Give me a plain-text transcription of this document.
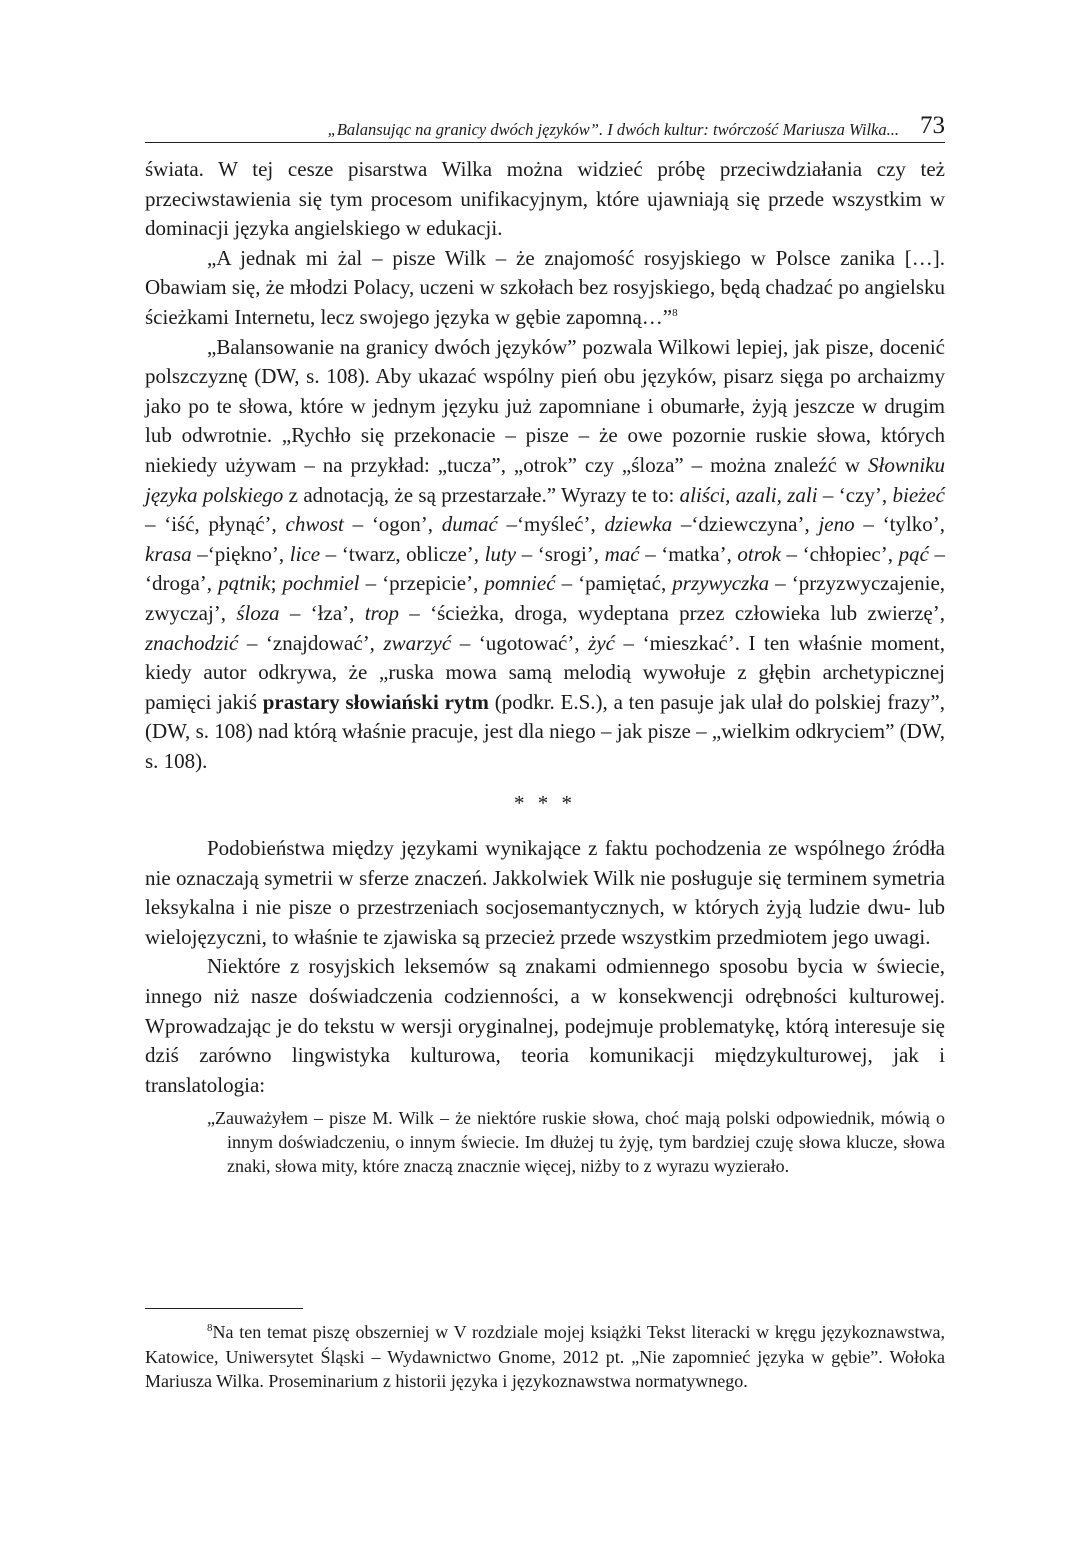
„Balansując na granicy dwóch języków”. I dwóch kultur: twórczość Mariusza Wilka... 73

świata. W tej cesze pisarstwa Wilka można widzieć próbę przeciwdziałania czy też przeciwstawienia się tym procesom unifikacyjnym, które ujawniają się przede wszystkim w dominacji języka angielskiego w edukacji.

„A jednak mi żal – pisze Wilk – że znajomość rosyjskiego w Polsce zanika […]. Obawiam się, że młodzi Polacy, uczeni w szkołach bez rosyjskiego, będą chadzać po angielsku ścieżkami Internetu, lecz swojego języka w gębie zapomną…”$^8$

„Balansowanie na granicy dwóch języków” pozwala Wilkowi lepiej, jak pisze, docenić polszczyznę (DW, s. 108). Aby ukazać wspólny pień obu języków, pisarz sięga po archaizmy jako po te słowa, które w jednym języku już zapomniane i obumarłe, żyją jeszcze w drugim lub odwrotnie. „Rychło się przekonacie – pisze – że owe pozornie ruskie słowa, których niekiedy używam – na przykład: „tucza”, „otrok” czy „śloza” – można znaleźć w Słowniku języka polskiego z adnotacją, że są przestarzałe.” Wyrazy te to: aliści, azali, zali – ‘czy’, bieżeć – ‘iść, płynąć’, chwost – ‘ogon’, dumać –‘myśleć’, dziewka –‘dziewczyna’, jeno – ‘tylko’, krasa –‘piękno’, lice – ‘twarz, oblicze’, luty – ‘srogi’, mać – ‘matka’, otrok – ‘chłopiec’, pąć – ‘droga’, pątnik; pochmiel – ‘przepicie’, pomnieć – ‘pamiętać, przywyczka – ‘przyzwyczajenie, zwyczaj’, śloza – ‘łza’, trop – ‘ścieżka, droga, wydeptana przez człowieka lub zwierzę’, znachodzić – ‘znajdować’, zwarzyć – ‘ugotować’, żyć – ‘mieszkać’. I ten właśnie moment, kiedy autor odkrywa, że „ruska mowa samą melodią wywołuje z głębin archetypicznej pamięci jakiś prastary słowiański rytm (podkr. E.S.), a ten pasuje jak ulał do polskiej frazy”, (DW, s. 108) nad którą właśnie pracuje, jest dla niego – jak pisze – „wielkim odkryciem” (DW, s. 108).

* * *

Podobieństwa między językami wynikające z faktu pochodzenia ze wspólnego źródła nie oznaczają symetrii w sferze znaczeń. Jakkolwiek Wilk nie posługuje się terminem symetria leksykalna i nie pisze o przestrzeniach socjosemantycznych, w których żyją ludzie dwu- lub wielojęzyczni, to właśnie te zjawiska są przecież przede wszystkim przedmiotem jego uwagi.

Niektóre z rosyjskich leksemów są znakami odmiennego sposobu bycia w świecie, innego niż nasze doświadczenia codzienności, a w konsekwencji odrębności kulturowej. Wprowadzając je do tekstu w wersji oryginalnej, podejmuje problematykę, którą interesuje się dziś zarówno lingwistyka kulturowa, teoria komunikacji międzykulturowej, jak i translatologia:

„Zauważyłem – pisze M. Wilk – że niektóre ruskie słowa, choć mają polski odpowiednik, mówią o innym doświadczeniu, o innym świecie. Im dłużej tu żyję, tym bardziej czuję słowa klucze, słowa znaki, słowa mity, które znaczą znacznie więcej, niżby to z wyrazu wyzierało.
$^8$Na ten temat piszę obszerniej w V rozdziale mojej książki Tekst literacki w kręgu językoznawstwa, Katowice, Uniwersytet Śląski – Wydawnictwo Gnome, 2012 pt. „Nie zapomnieć języka w gębie”. Wołoka Mariusza Wilka. Proseminarium z historii języka i językoznawstwa normatywnego.
